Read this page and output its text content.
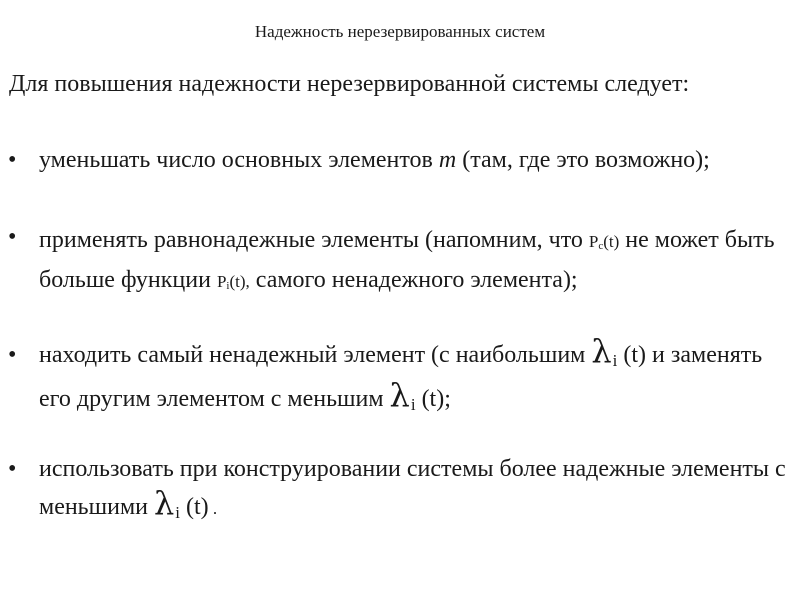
Надежность нерезервированных систем
Для повышения надежности нерезервированной системы следует:
• уменьшать число основных элементов m (там, где это возможно);
• применять равнонадежные элементы (напомним, что Pc(t) не может быть больше функции Pi(t), самого ненадежного элемента);
• находить самый ненадежный элемент (с наибольшим λi (t) и заменять его другим элементом с меньшим λi (t);
• использовать при конструировании системы более надежные элементы с меньшими λi (t) .
